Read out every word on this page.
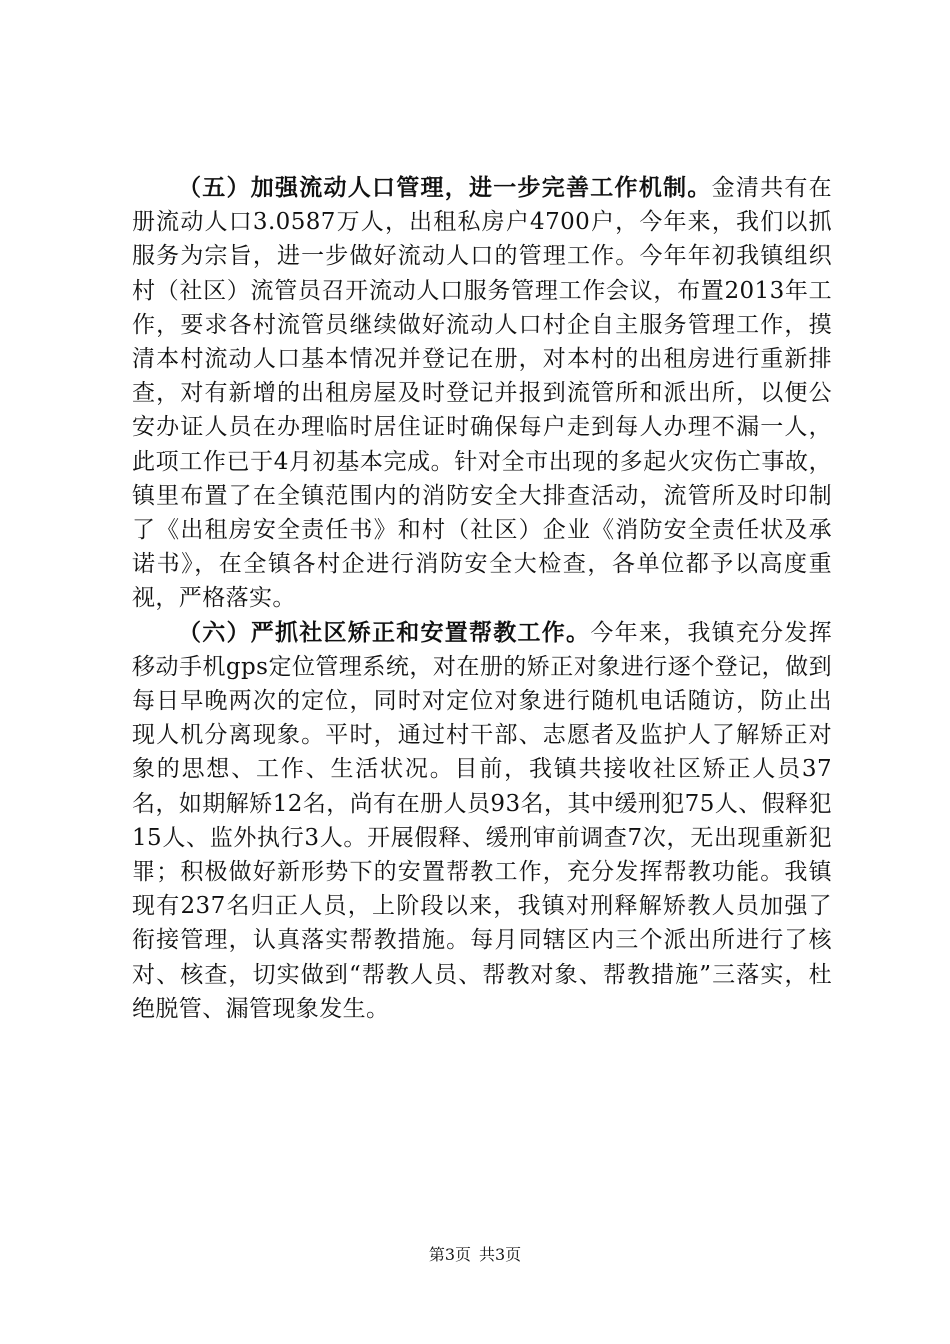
（五）加强流动人口管理，进一步完善工作机制。金清共有在册流动人口3.0587万人，出租私房户4700户，今年来，我们以抓服务为宗旨，进一步做好流动人口的管理工作。今年年初我镇组织村（社区）流管员召开流动人口服务管理工作会议，布置2013年工作，要求各村流管员继续做好流动人口村企自主服务管理工作，摸清本村流动人口基本情况并登记在册，对本村的出租房进行重新排查，对有新增的出租房屋及时登记并报到流管所和派出所，以便公安办证人员在办理临时居住证时确保每户走到每人办理不漏一人，此项工作已于4月初基本完成。针对全市出现的多起火灾伤亡事故，镇里布置了在全镇范围内的消防安全大排查活动，流管所及时印制了《出租房安全责任书》和村（社区）企业《消防安全责任状及承诺书》，在全镇各村企进行消防安全大检查，各单位都予以高度重视，严格落实。

（六）严抓社区矫正和安置帮教工作。今年来，我镇充分发挥移动手机gps定位管理系统，对在册的矫正对象进行逐个登记，做到每日早晚两次的定位，同时对定位对象进行随机电话随访，防止出现人机分离现象。平时，通过村干部、志愿者及监护人了解矫正对象的思想、工作、生活状况。目前，我镇共接收社区矫正人员37名，如期解矫12名，尚有在册人员93名，其中缓刑犯75人、假释犯15人、监外执行3人。开展假释、缓刑审前调查7次，无出现重新犯罪；积极做好新形势下的安置帮教工作，充分发挥帮教功能。我镇现有237名归正人员，上阶段以来，我镇对刑释解矫教人员加强了衔接管理，认真落实帮教措施。每月同辖区内三个派出所进行了核对、核查，切实做到“帮教人员、帮教对象、帮教措施”三落实，杜绝脱管、漏管现象发生。

第3页 共3页
